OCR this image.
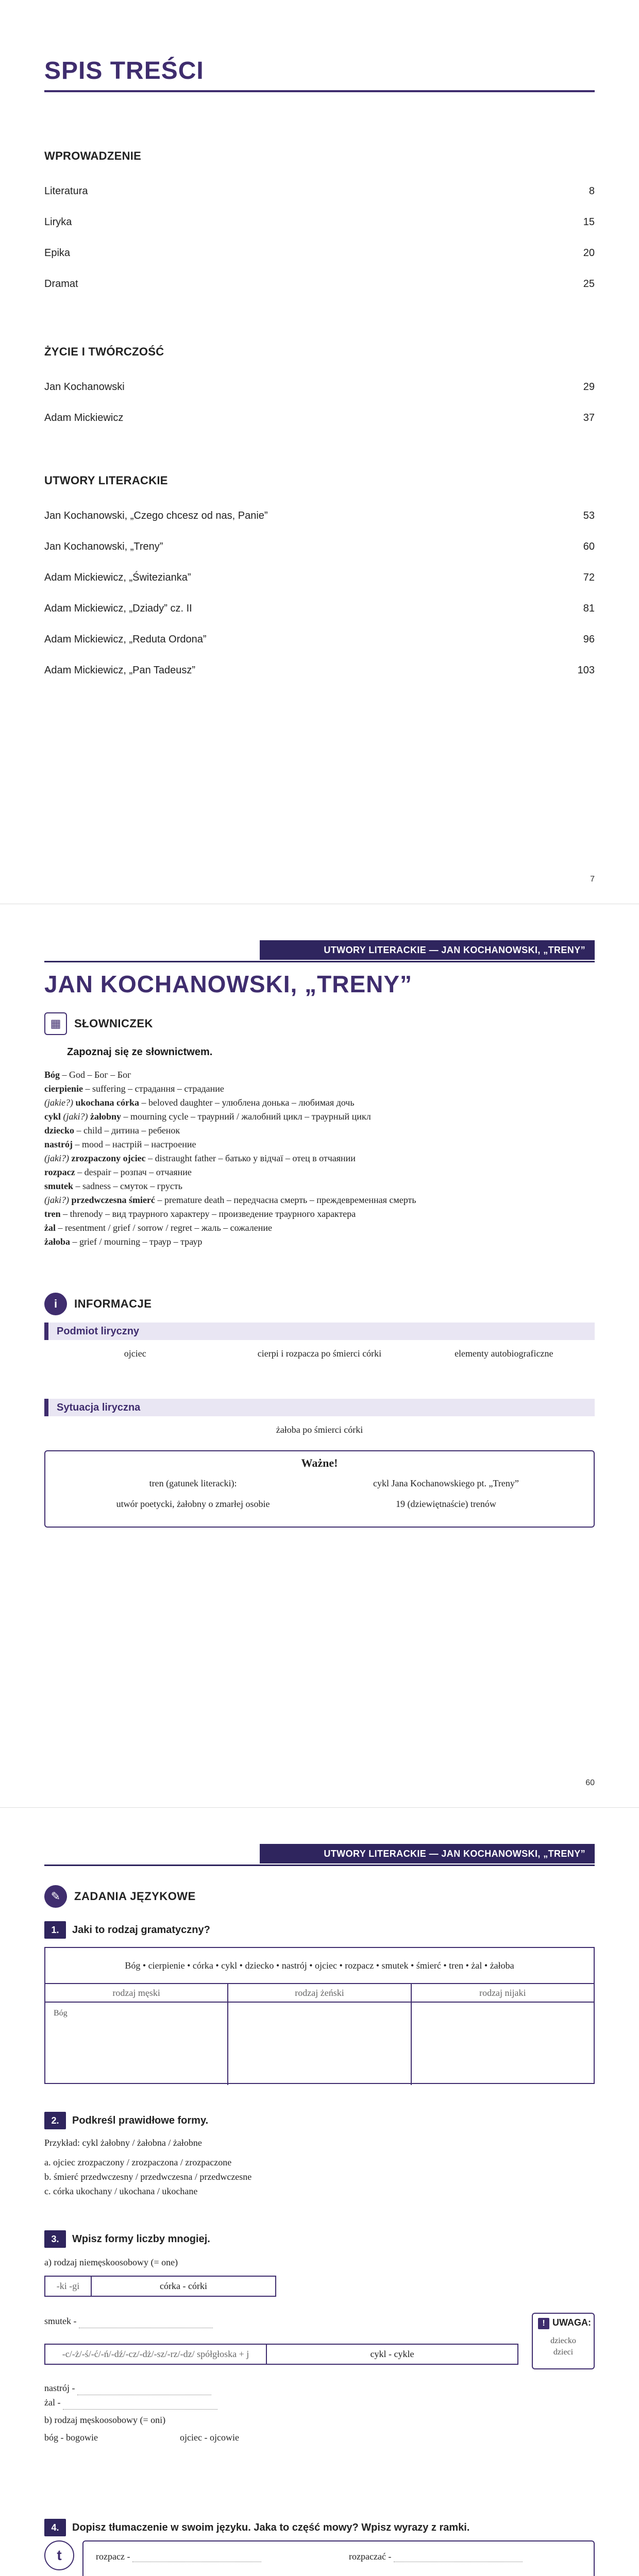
SPIS TREŚCI
WPROWADZENIE
Literatura	8
Liryka	15
Epika	20
Dramat	25
ŻYCIE I TWÓRCZOŚĆ
Jan Kochanowski	29
Adam Mickiewicz	37
UTWORY LITERACKIE
Jan Kochanowski, „Czego chcesz od nas, Panie”	53
Jan Kochanowski, „Treny”	60
Adam Mickiewicz, „Świtezianka”	72
Adam Mickiewicz, „Dziady” cz. II	81
Adam Mickiewicz, „Reduta Ordona”	96
Adam Mickiewicz, „Pan Tadeusz”	103
7
UTWORY LITERACKIE — JAN KOCHANOWSKI, „TRENY”
JAN KOCHANOWSKI, „TRENY”
▦	SŁOWNICZEK
Zapoznaj się ze słownictwem.
Bóg – God – Бог – Бог
cierpienie – suffering – страдання – страдание
(jakie?) ukochana córka – beloved daughter – улюблена донька – любимая дочь
cykl (jaki?) żałobny – mourning cycle – траурний / жалобний цикл – траурный цикл
dziecko – child – дитина – ребенок
nastrój – mood – настрій – настроение
(jaki?) zrozpaczony ojciec – distraught father – батько у відчаї – отец в отчаянии
rozpacz – despair – розпач – отчаяние
smutek – sadness – смуток – грусть
(jaki?) przedwczesna śmierć – premature death – передчасна смерть – преждевременная смерть
tren – threnody – вид траурного характеру – произведение траурного характера
żal – resentment / grief / sorrow / regret – жаль – сожаление
żałoba – grief / mourning – траур – траур
i	INFORMACJE
Podmiot liryczny
ojciec	cierpi i rozpacza po śmierci córki	elementy autobiograficzne
Sytuacja liryczna
żałoba po śmierci córki
Ważne!
tren (gatunek literacki):	cykl Jana Kochanowskiego pt. „Treny”
utwór poetycki, żałobny o zmarłej osobie	19 (dziewiętnaście) trenów
60
UTWORY LITERACKIE — JAN KOCHANOWSKI, „TRENY”
✎	ZADANIA JĘZYKOWE
1.	Jaki to rodzaj gramatyczny?
Bóg • cierpienie • córka • cykl • dziecko • nastrój • ojciec • rozpacz • smutek • śmierć • tren • żal • żałoba
rodzaj męski	rodzaj żeński	rodzaj nijaki
Bóg
2.	Podkreśl prawidłowe formy.
Przykład: cykl żałobny / żałobna / żałobne
a. ojciec zrozpaczony / zrozpaczona / zrozpaczone
b. śmierć przedwczesny / przedwczesna / przedwczesne
c. córka ukochany / ukochana / ukochane
3.	Wpisz formy liczby mnogiej.
a) rodzaj niemęskoosobowy (= one)
-ki -gi	córka - córki
smutek -
-c/-ż/-ś/-ć/-ń/-dź/-cz/-dż/-sz/-rz/-dz/ spółgłoska + j	cykl - cykle
nastrój -
żal -
b) rodzaj męskoosobowy (= oni)
bóg - bogowie	ojciec - ojcowie
! UWAGA:
dziecko
dzieci
4.	Dopisz tłumaczenie w swoim języku. Jaka to część mowy? Wpisz wyrazy z ramki.
t	rozpacz -	rozpaczać -
